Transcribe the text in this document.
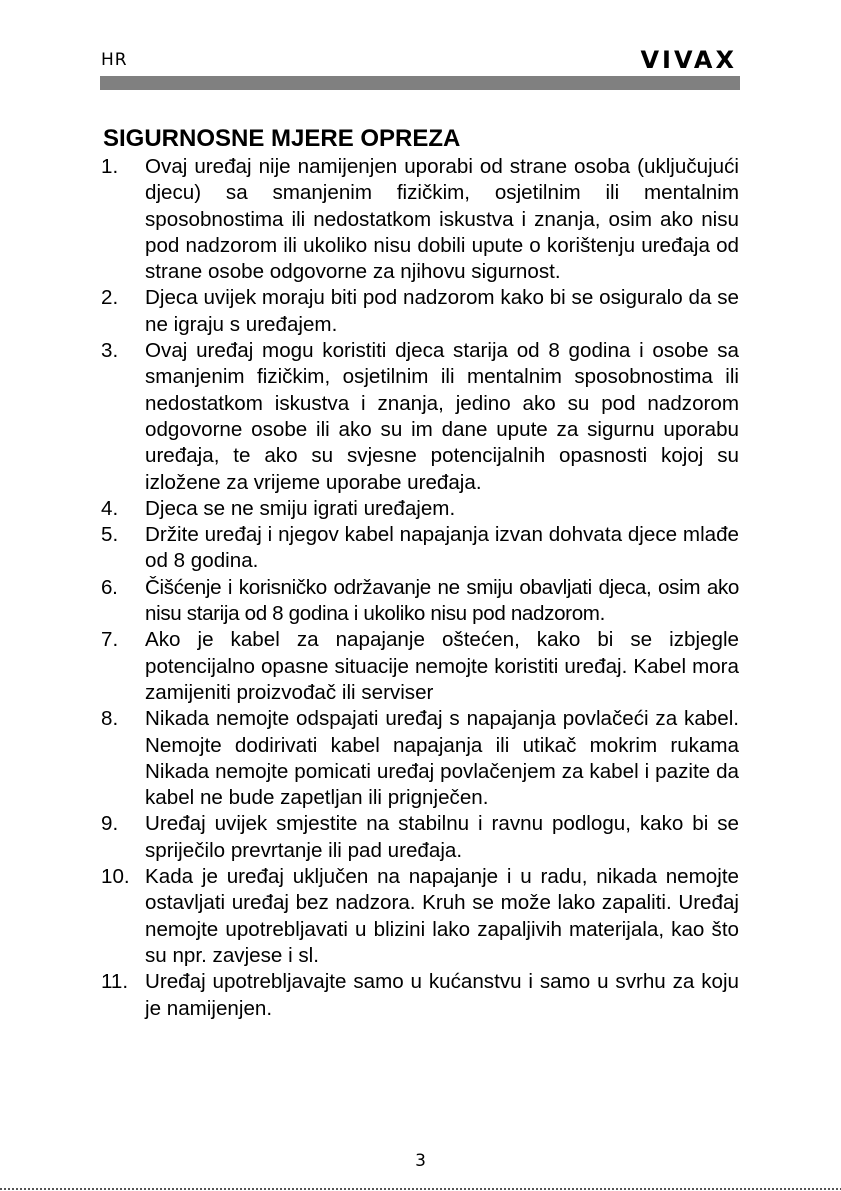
HR	VIVAX
SIGURNOSNE MJERE OPREZA
1. Ovaj uređaj nije namijenjen uporabi od strane osoba (uključujući djecu) sa smanjenim fizičkim, osjetilnim ili mentalnim sposobnostima ili nedostatkom iskustva i znanja, osim ako nisu pod nadzorom ili ukoliko nisu dobili upute o korištenju uređaja od strane osobe odgovorne za njihovu sigurnost.
2. Djeca uvijek moraju biti pod nadzorom kako bi se osiguralo da se ne igraju s uređajem.
3. Ovaj uređaj mogu koristiti djeca starija od 8 godina i osobe sa smanjenim fizičkim, osjetilnim ili mentalnim sposobnostima ili nedostatkom iskustva i znanja, jedino ako su pod nadzorom odgovorne osobe ili ako su im dane upute za sigurnu uporabu uređaja, te ako su svjesne potencijalnih opasnosti kojoj su izložene za vrijeme uporabe uređaja.
4. Djeca se ne smiju igrati uređajem.
5. Držite uređaj i njegov kabel napajanja izvan dohvata djece mlađe od 8 godina.
6. Čišćenje i korisničko održavanje ne smiju obavljati djeca, osim ako nisu starija od 8 godina i ukoliko nisu pod nadzorom.
7. Ako je kabel za napajanje oštećen, kako bi se izbjegle potencijalno opasne situacije nemojte koristiti uređaj. Kabel mora zamijeniti proizvođač ili serviser
8. Nikada nemojte odspajati uređaj s napajanja povlačeći za kabel. Nemojte dodirivati kabel napajanja ili utikač mokrim rukama Nikada nemojte pomicati uređaj povlačenjem za kabel i pazite da kabel ne bude zapetljan ili prignječen.
9. Uređaj uvijek smjestite na stabilnu i ravnu podlogu, kako bi se spriječilo prevrtanje ili pad uređaja.
10. Kada je uređaj uključen na napajanje i u radu, nikada nemojte ostavljati uređaj bez nadzora. Kruh se može lako zapaliti. Uređaj nemojte upotrebljavati u blizini lako zapaljivih materijala, kao što su npr. zavjese i sl.
11. Uređaj upotrebljavajte samo u kućanstvu i samo u svrhu za koju je namijenjen.
3
